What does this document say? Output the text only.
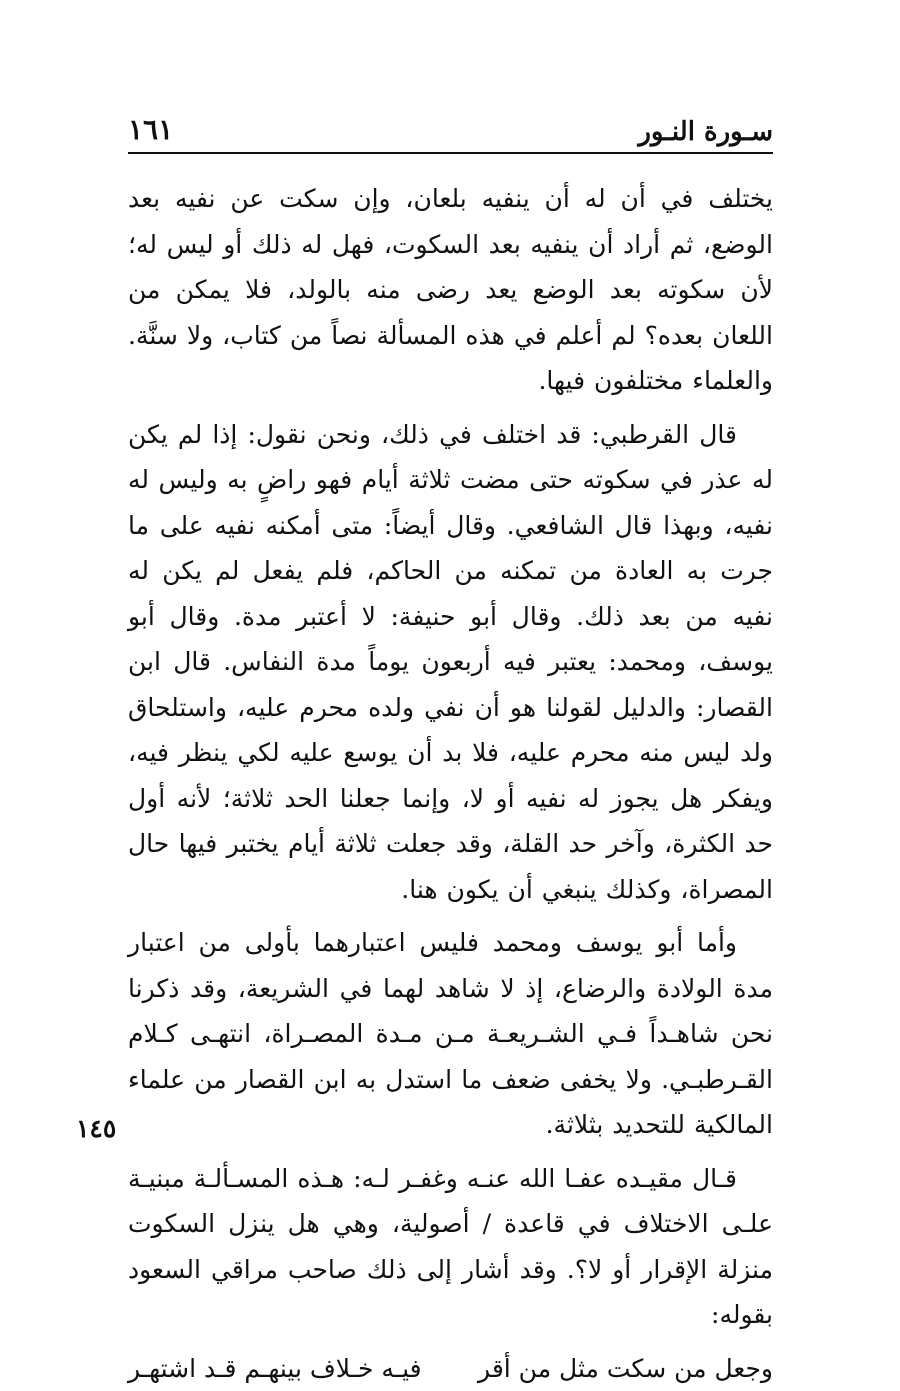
سـورة النـور
١٦١

يختلف في أن له أن ينفيه بلعان، وإن سكت عن نفيه بعد الوضع، ثم أراد أن ينفيه بعد السكوت، فهل له ذلك أو ليس له؛ لأن سكوته بعد الوضع يعد رضى منه بالولد، فلا يمكن من اللعان بعده؟ لم أعلم في هذه المسألة نصاً من كتاب، ولا سنَّة. والعلماء مختلفون فيها.

قال القرطبي: قد اختلف في ذلك، ونحن نقول: إذا لم يكن له عذر في سكوته حتى مضت ثلاثة أيام فهو راضٍ به وليس له نفيه، وبهذا قال الشافعي. وقال أيضاً: متى أمكنه نفيه على ما جرت به العادة من تمكنه من الحاكم، فلم يفعل لم يكن له نفيه من بعد ذلك. وقال أبو حنيفة: لا أعتبر مدة. وقال أبو يوسف، ومحمد: يعتبر فيه أربعون يوماً مدة النفاس. قال ابن القصار: والدليل لقولنا هو أن نفي ولده محرم عليه، واستلحاق ولد ليس منه محرم عليه، فلا بد أن يوسع عليه لكي ينظر فيه، ويفكر هل يجوز له نفيه أو لا، وإنما جعلنا الحد ثلاثة؛ لأنه أول حد الكثرة، وآخر حد القلة، وقد جعلت ثلاثة أيام يختبر فيها حال المصراة، وكذلك ينبغي أن يكون هنا.

وأما أبو يوسف ومحمد فليس اعتبارهما بأولى من اعتبار مدة الولادة والرضاع، إذ لا شاهد لهما في الشريعة، وقد ذكرنا نحن شاهـداً فـي الشـريعـة مـن مـدة المصـراة، انتهـى كـلام القـرطبـي. ولا يخفى ضعف ما استدل به ابن القصار من علماء المالكية للتحديد بثلاثة.

قـال مقيـده عفـا الله عنـه وغفـر لـه: هـذه المسـألـة مبنيـة علـى الاختلاف في قاعدة / أصولية، وهي هل ينزل السكوت منزلة الإقرار أو لا؟. وقد أشار إلى ذلك صاحب مراقي السعود بقوله:

وجعل من سكت مثل من أقر
فيـه خـلاف بينهـم قـد اشتهـر
١٤٥
